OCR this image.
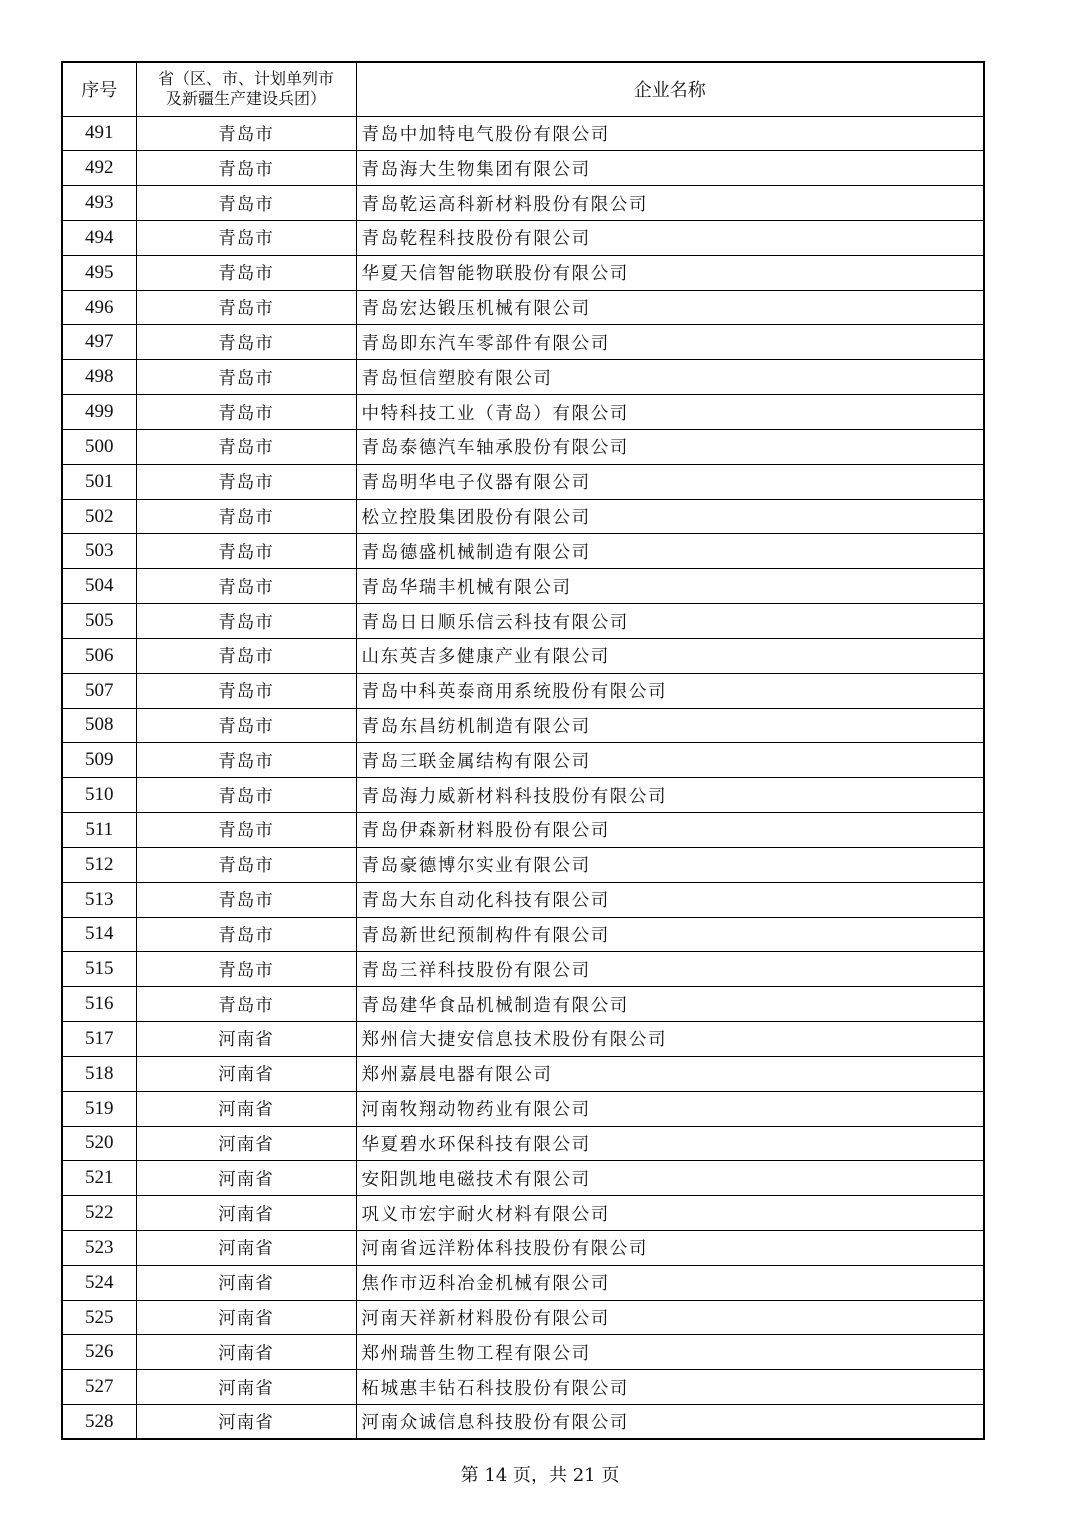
序号	省（区、市、计划单列市
及新疆生产建设兵团）	企业名称
491	青岛市	青岛中加特电气股份有限公司
492	青岛市	青岛海大生物集团有限公司
493	青岛市	青岛乾运高科新材料股份有限公司
494	青岛市	青岛乾程科技股份有限公司
495	青岛市	华夏天信智能物联股份有限公司
496	青岛市	青岛宏达锻压机械有限公司
497	青岛市	青岛即东汽车零部件有限公司
498	青岛市	青岛恒信塑胶有限公司
499	青岛市	中特科技工业（青岛）有限公司
500	青岛市	青岛泰德汽车轴承股份有限公司
501	青岛市	青岛明华电子仪器有限公司
502	青岛市	松立控股集团股份有限公司
503	青岛市	青岛德盛机械制造有限公司
504	青岛市	青岛华瑞丰机械有限公司
505	青岛市	青岛日日顺乐信云科技有限公司
506	青岛市	山东英吉多健康产业有限公司
507	青岛市	青岛中科英泰商用系统股份有限公司
508	青岛市	青岛东昌纺机制造有限公司
509	青岛市	青岛三联金属结构有限公司
510	青岛市	青岛海力威新材料科技股份有限公司
511	青岛市	青岛伊森新材料股份有限公司
512	青岛市	青岛豪德博尔实业有限公司
513	青岛市	青岛大东自动化科技有限公司
514	青岛市	青岛新世纪预制构件有限公司
515	青岛市	青岛三祥科技股份有限公司
516	青岛市	青岛建华食品机械制造有限公司
517	河南省	郑州信大捷安信息技术股份有限公司
518	河南省	郑州嘉晨电器有限公司
519	河南省	河南牧翔动物药业有限公司
520	河南省	华夏碧水环保科技有限公司
521	河南省	安阳凯地电磁技术有限公司
522	河南省	巩义市宏宇耐火材料有限公司
523	河南省	河南省远洋粉体科技股份有限公司
524	河南省	焦作市迈科冶金机械有限公司
525	河南省	河南天祥新材料股份有限公司
526	河南省	郑州瑞普生物工程有限公司
527	河南省	柘城惠丰钻石科技股份有限公司
528	河南省	河南众诚信息科技股份有限公司
第 14 页，共 21 页
